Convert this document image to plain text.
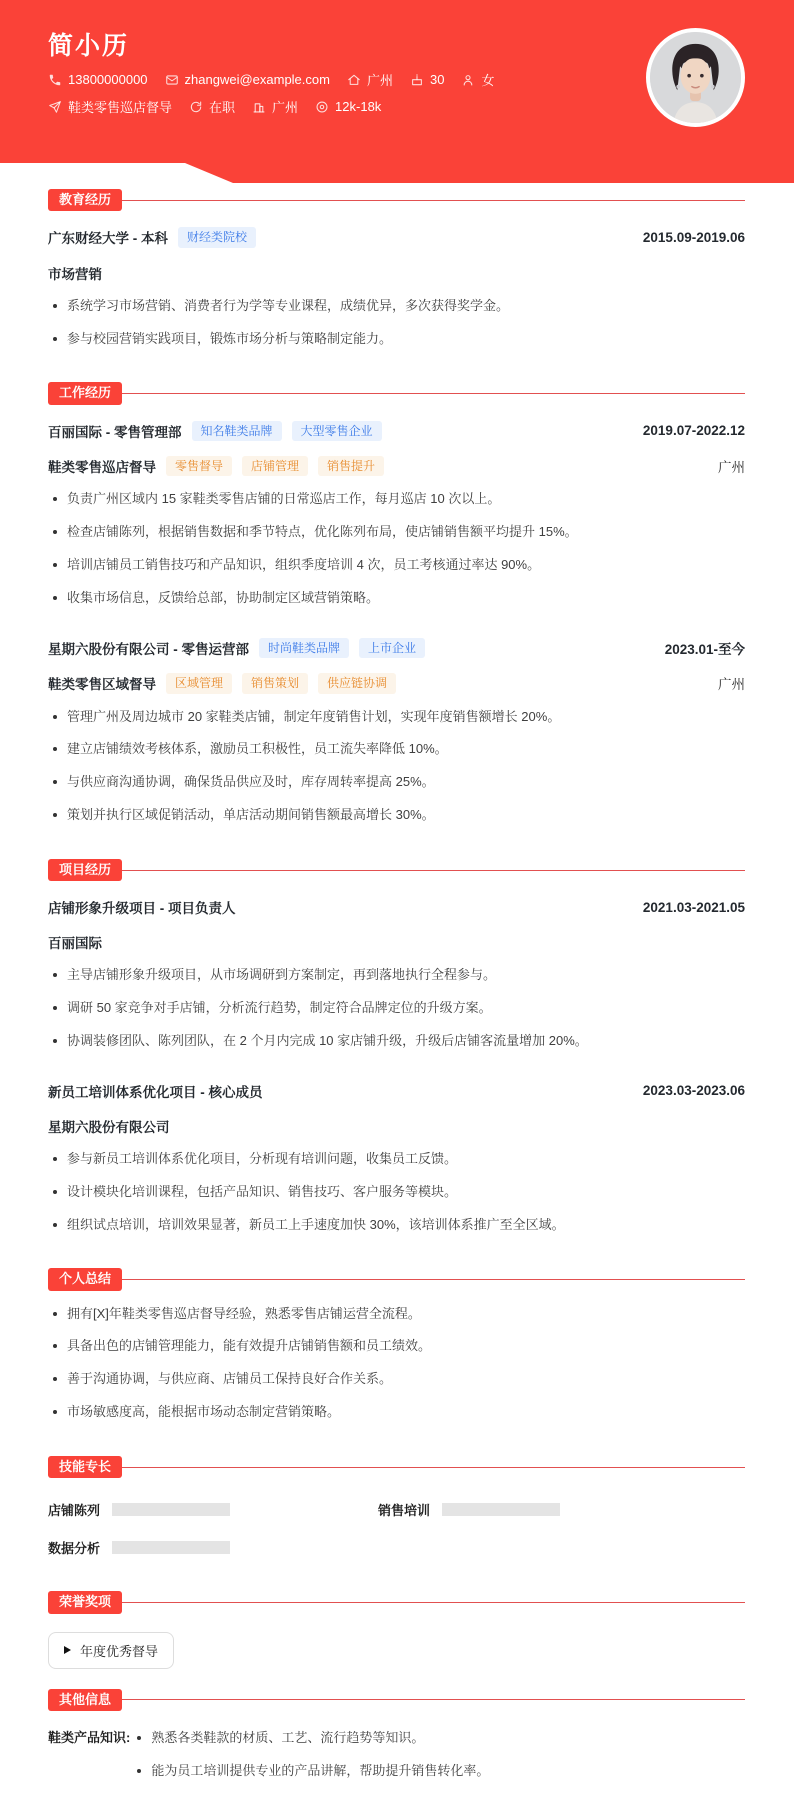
简小历
13800000000	zhangwei@example.com	广州	30	女
鞋类零售巡店督导	在职	广州	12k-18k
教育经历
广东财经大学 - 本科	财经类院校	2015.09-2019.06
市场营销
系统学习市场营销、消费者行为学等专业课程，成绩优异，多次获得奖学金。
参与校园营销实践项目，锻炼市场分析与策略制定能力。
工作经历
百丽国际 - 零售管理部	知名鞋类品牌	大型零售企业	2019.07-2022.12
鞋类零售巡店督导	零售督导	店铺管理	销售提升	广州
负责广州区域内 15 家鞋类零售店铺的日常巡店工作，每月巡店 10 次以上。
检查店铺陈列，根据销售数据和季节特点，优化陈列布局，使店铺销售额平均提升 15%。
培训店铺员工销售技巧和产品知识，组织季度培训 4 次，员工考核通过率达 90%。
收集市场信息，反馈给总部，协助制定区域营销策略。
星期六股份有限公司 - 零售运营部	时尚鞋类品牌	上市企业	2023.01-至今
鞋类零售区域督导	区域管理	销售策划	供应链协调	广州
管理广州及周边城市 20 家鞋类店铺，制定年度销售计划，实现年度销售额增长 20%。
建立店铺绩效考核体系，激励员工积极性，员工流失率降低 10%。
与供应商沟通协调，确保货品供应及时，库存周转率提高 25%。
策划并执行区域促销活动，单店活动期间销售额最高增长 30%。
项目经历
店铺形象升级项目 - 项目负责人	2021.03-2021.05
百丽国际
主导店铺形象升级项目，从市场调研到方案制定，再到落地执行全程参与。
调研 50 家竞争对手店铺，分析流行趋势，制定符合品牌定位的升级方案。
协调装修团队、陈列团队，在 2 个月内完成 10 家店铺升级，升级后店铺客流量增加 20%。
新员工培训体系优化项目 - 核心成员	2023.03-2023.06
星期六股份有限公司
参与新员工培训体系优化项目，分析现有培训问题，收集员工反馈。
设计模块化培训课程，包括产品知识、销售技巧、客户服务等模块。
组织试点培训，培训效果显著，新员工上手速度加快 30%，该培训体系推广至全区域。
个人总结
拥有[X]年鞋类零售巡店督导经验，熟悉零售店铺运营全流程。
具备出色的店铺管理能力，能有效提升店铺销售额和员工绩效。
善于沟通协调，与供应商、店铺员工保持良好合作关系。
市场敏感度高，能根据市场动态制定营销策略。
技能专长
店铺陈列	销售培训
数据分析
荣誉奖项
年度优秀督导
其他信息
鞋类产品知识:	熟悉各类鞋款的材质、工艺、流行趋势等知识。
能为员工培训提供专业的产品讲解，帮助提升销售转化率。
